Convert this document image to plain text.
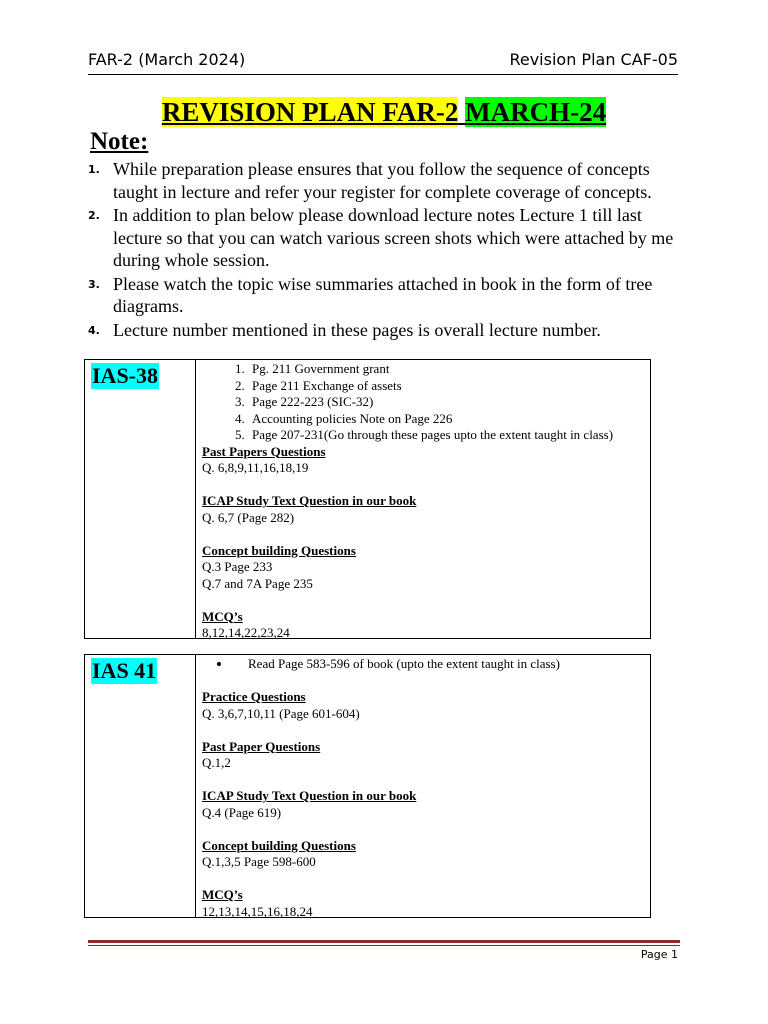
FAR-2 (March 2024)	Revision Plan CAF-05
REVISION PLAN FAR-2 MARCH-24
Note:
1. While preparation please ensures that you follow the sequence of concepts taught in lecture and refer your register for complete coverage of concepts.
2. In addition to plan below please download lecture notes Lecture 1 till last lecture so that you can watch various screen shots which were attached by me during whole session.
3. Please watch the topic wise summaries attached in book in the form of tree diagrams.
4. Lecture number mentioned in these pages is overall lecture number.
IAS-38	1. Pg. 211 Government grant
2. Page 211 Exchange of assets
3. Page 222-223 (SIC-32)
4. Accounting policies Note on Page 226
5. Page 207-231(Go through these pages upto the extent taught in class)
Past Papers Questions
Q. 6,8,9,11,16,18,19
ICAP Study Text Question in our book
Q. 6,7 (Page 282)
Concept building Questions
Q.3 Page 233
Q.7 and 7A Page 235
MCQ’s
8,12,14,22,23,24
IAS 41	• Read Page 583-596 of book (upto the extent taught in class)
Practice Questions
Q. 3,6,7,10,11 (Page 601-604)
Past Paper Questions
Q.1,2
ICAP Study Text Question in our book
Q.4 (Page 619)
Concept building Questions
Q.1,3,5 Page 598-600
MCQ’s
12,13,14,15,16,18,24
Page 1
